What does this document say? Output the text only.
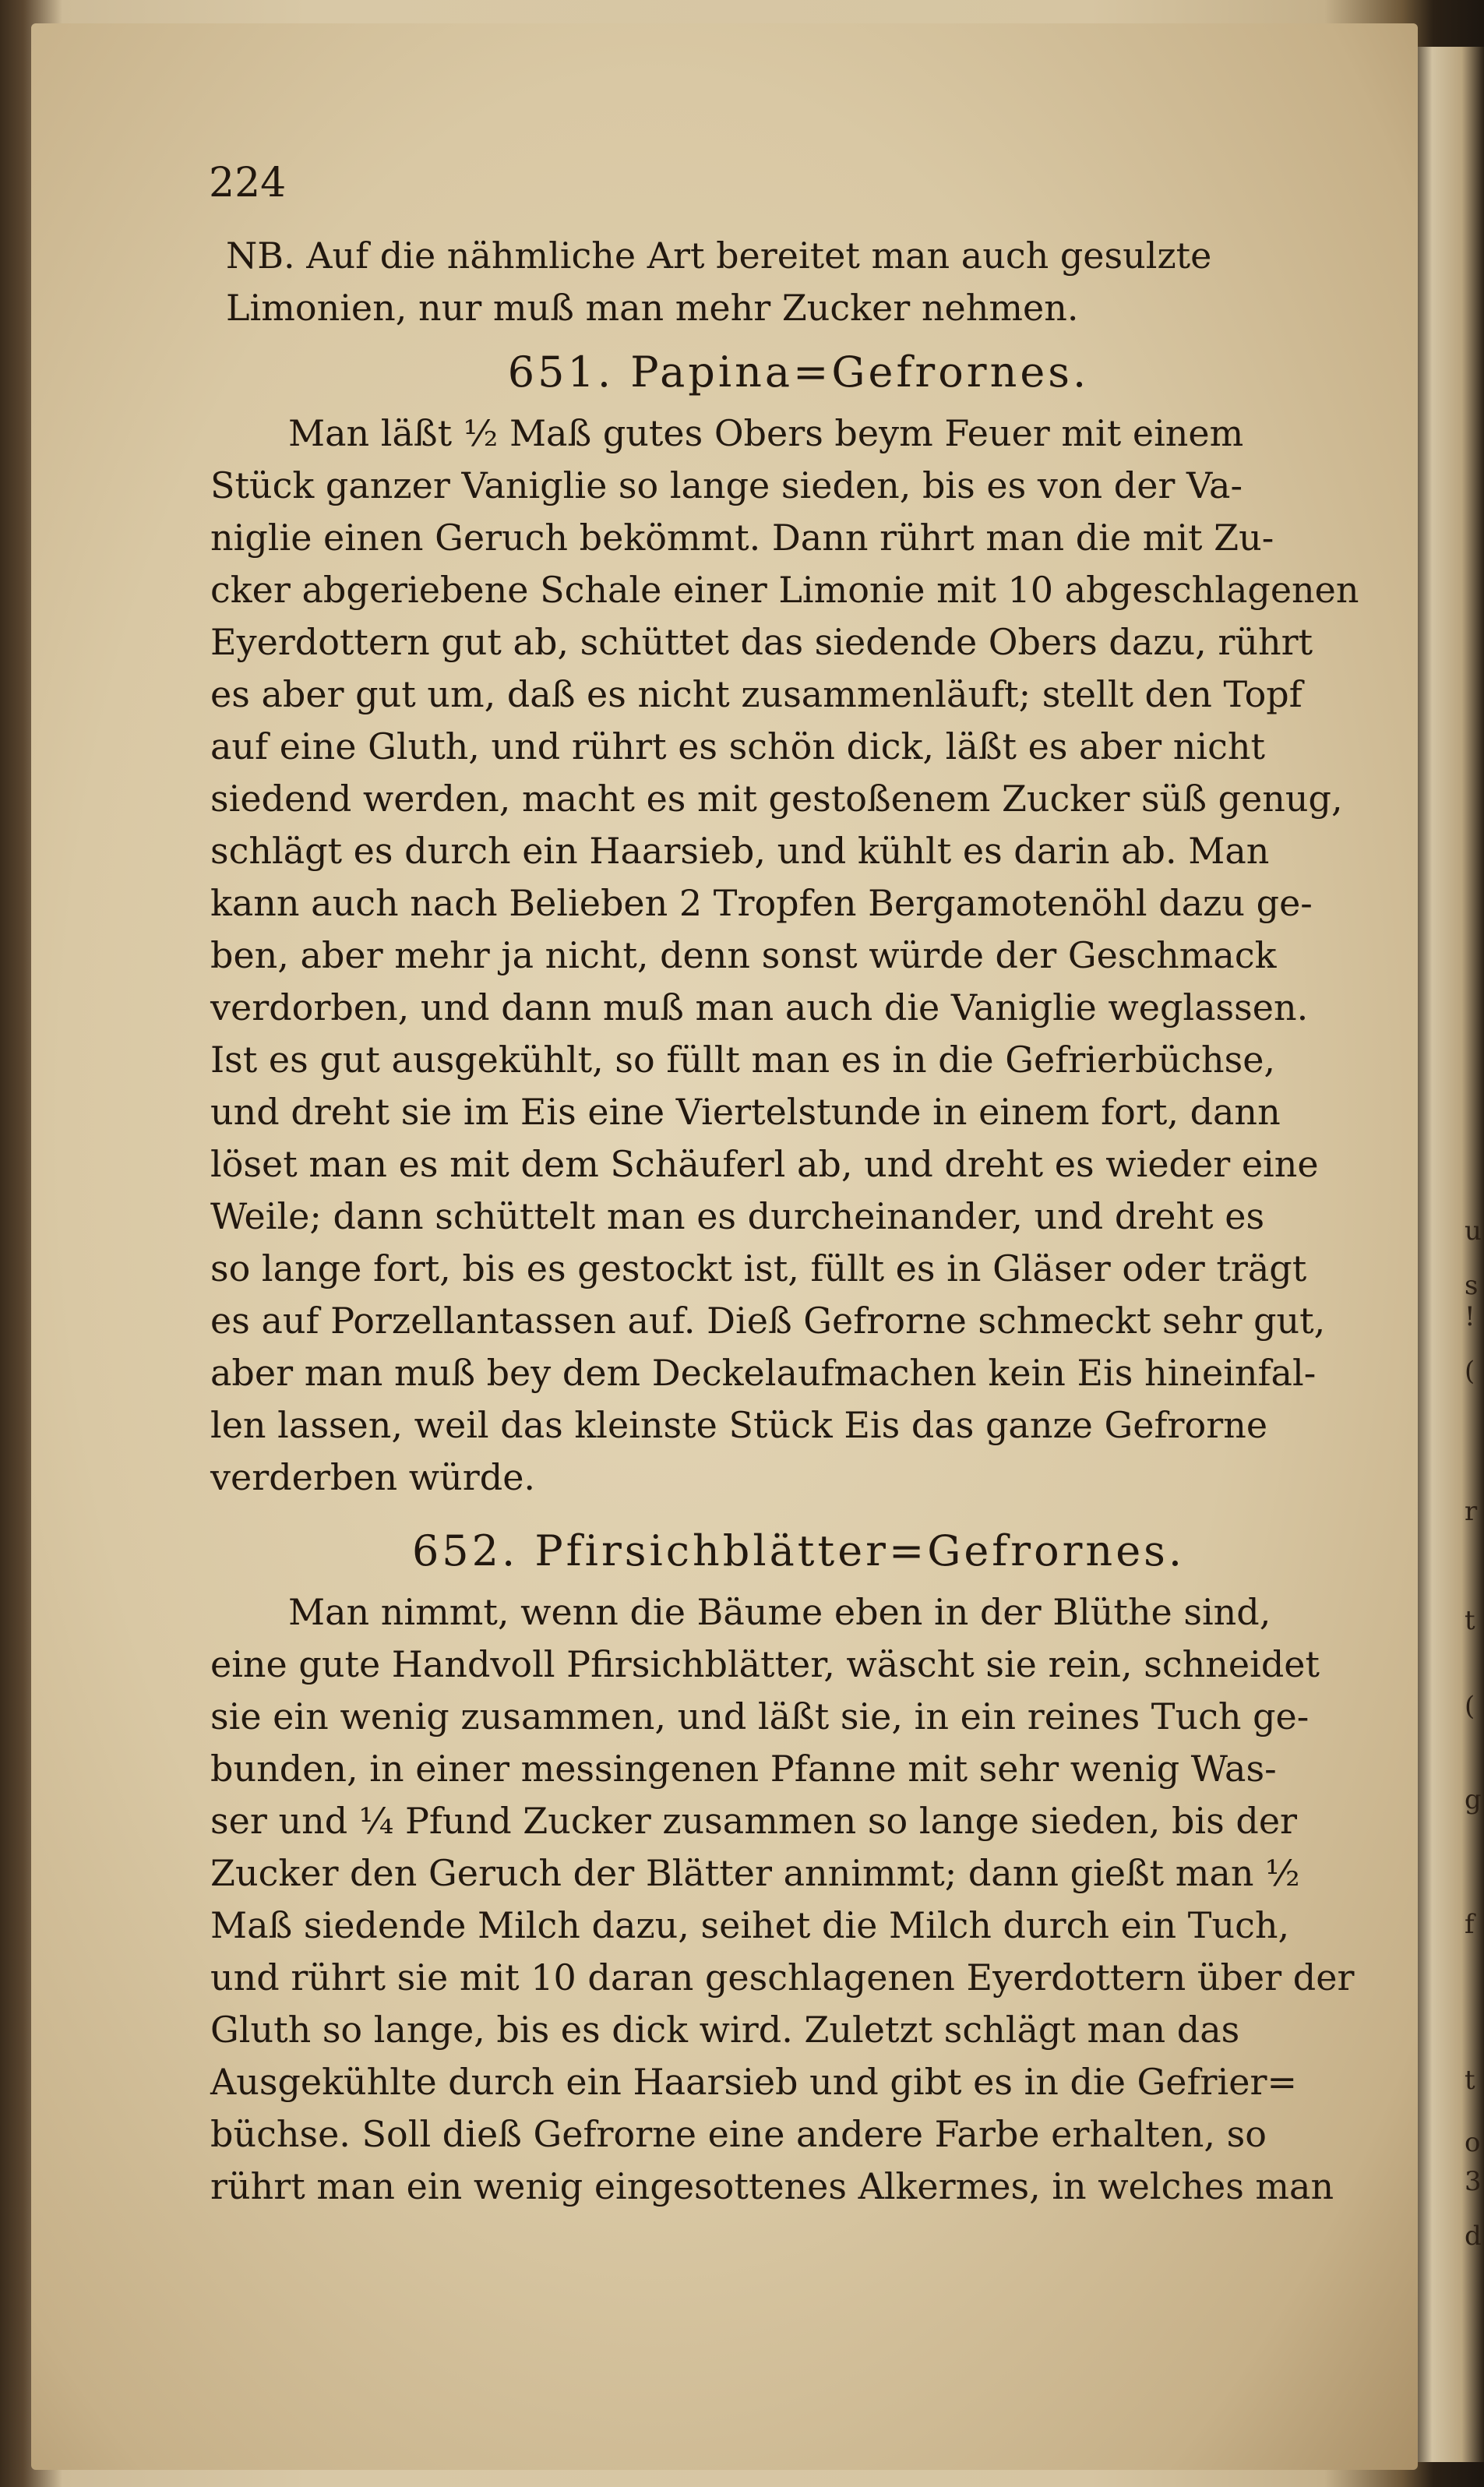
u
s
!
(
r
t
(
g
f
t
o
3
d
224
NB. Auf die nähmliche Art bereitet man auch gesulzte
Limonien, nur muß man mehr Zucker nehmen.
651. Papina=Gefrornes.
Man läßt ½ Maß gutes Obers beym Feuer mit einem
Stück ganzer Vaniglie so lange sieden, bis es von der Va-
niglie einen Geruch bekömmt. Dann rührt man die mit Zu-
cker abgeriebene Schale einer Limonie mit 10 abgeschlagenen
Eyerdottern gut ab, schüttet das siedende Obers dazu, rührt
es aber gut um, daß es nicht zusammenläuft; stellt den Topf
auf eine Gluth, und rührt es schön dick, läßt es aber nicht
siedend werden, macht es mit gestoßenem Zucker süß genug,
schlägt es durch ein Haarsieb, und kühlt es darin ab. Man
kann auch nach Belieben 2 Tropfen Bergamotenöhl dazu ge-
ben, aber mehr ja nicht, denn sonst würde der Geschmack
verdorben, und dann muß man auch die Vaniglie weglassen.
Ist es gut ausgekühlt, so füllt man es in die Gefrierbüchse,
und dreht sie im Eis eine Viertelstunde in einem fort, dann
löset man es mit dem Schäuferl ab, und dreht es wieder eine
Weile; dann schüttelt man es durcheinander, und dreht es
so lange fort, bis es gestockt ist, füllt es in Gläser oder trägt
es auf Porzellantassen auf. Dieß Gefrorne schmeckt sehr gut,
aber man muß bey dem Deckelaufmachen kein Eis hineinfal-
len lassen, weil das kleinste Stück Eis das ganze Gefrorne
verderben würde.
652. Pfirsichblätter=Gefrornes.
Man nimmt, wenn die Bäume eben in der Blüthe sind,
eine gute Handvoll Pfirsichblätter, wäscht sie rein, schneidet
sie ein wenig zusammen, und läßt sie, in ein reines Tuch ge-
bunden, in einer messingenen Pfanne mit sehr wenig Was-
ser und ¼ Pfund Zucker zusammen so lange sieden, bis der
Zucker den Geruch der Blätter annimmt; dann gießt man ½
Maß siedende Milch dazu, seihet die Milch durch ein Tuch,
und rührt sie mit 10 daran geschlagenen Eyerdottern über der
Gluth so lange, bis es dick wird. Zuletzt schlägt man das
Ausgekühlte durch ein Haarsieb und gibt es in die Gefrier=
büchse. Soll dieß Gefrorne eine andere Farbe erhalten, so
rührt man ein wenig eingesottenes Alkermes, in welches man
